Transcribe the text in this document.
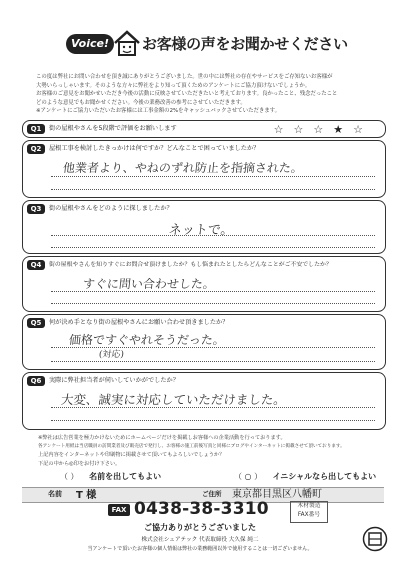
Voice!	お客様の声をお聞かせください
この度は弊社にお問い合わせを頂き誠にありがとうございました。世の中には弊社の存在やサービスをご存知ないお客様が
大勢いらっしゃいます。そのような方々に弊社をより知って頂くためのアンケートにご協力頂けないでしょうか。
お客様のご意見をお聞かせいただき今後の活動に反映させていただきたいと考えております。良かったこと、残念だったこと
どのような意見でもお聞かせください。今後の業務改善の参考にさせていただきます。
※アンケートにご協力いただいたお客様には工事金額の2%をキャッシュバックさせていただきます。
Q1	街の屋根やさんを5段階で評価をお願いします	☆☆☆★☆
Q2	屋根工事を検討したきっかけは何ですか？どんなことで困っていましたか？
他業者より、やねのずれ防止を指摘された。
Q3	街の屋根やさんをどのように探しましたか？
ネットで。
Q4	街の屋根やさんを知りすぐにお問合せ頂けましたか？もし悩まれたとしたらどんなことがご不安でしたか？
すぐに問い合わせした。
Q5	何が決め手となり街の屋根やさんにお願い合わせ頂きましたか？
価格ですぐやれそうだった。
(対応)
Q6	実際に弊社担当者が伺いしていかがでしたか？
大変、誠実に対応していただけました。
※弊社は広告営業を極力かけないためにホームページだけを掲載しお客様への企業活動を行っております。
各アンケート用紙は当店職員の訪問業者及び販売店で発行し、お客様の施工前後写真と同様にブログやインターネットに掲載させて頂いております。
上記内容をインターネットや印刷物に掲載させて頂いてもよろしいでしょうか？
下記の中から◎印をお付け下さい。
（ ） 名前を出してもよい	（ ○ ） イニシャルなら出してもよい
名前 T 様	ご住所 東京都目黒区八幡町
FAX 0438-38-3310	木材製造
FAX番号
ご協力ありがとうございました
株式会社シェアテック 代表取締役 大久保 純二
当アンケートで頂いたお客様の個人情報は弊社の業務範囲以外で使用することは一切ございません。
